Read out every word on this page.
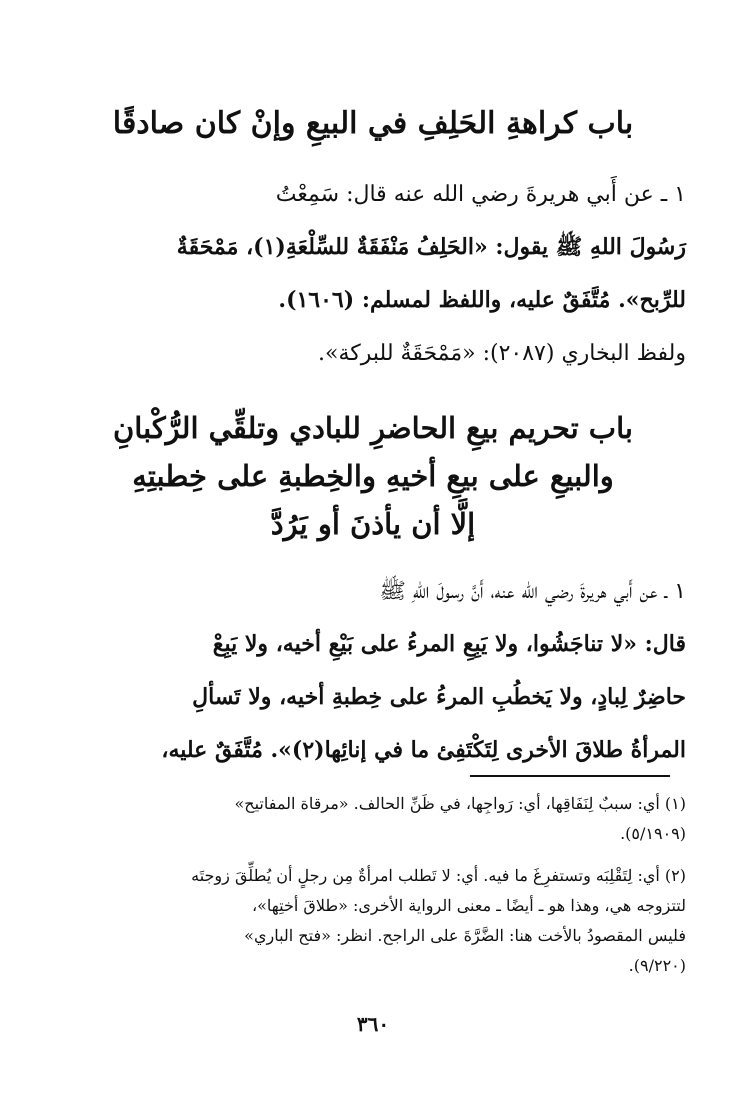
باب كراهةِ الحَلِفِ في البيعِ وإنْ كان صادقًا
١ ـ عن أَبي هريرةَ رضي الله عنه قال: سَمِعْتُ
رَسُولَ اللهِ ﷺ يقول: «الحَلِفُ مَنْفَقَةٌ للسِّلْعَةِ(١)، مَمْحَقَةٌ
للرِّبح». مُتَّفَقٌ عليه، واللفظ لمسلم: (١٦٠٦).
ولفظ البخاري (٢٠٨٧): «مَمْحَقَةٌ للبركة».
باب تحريم بيعِ الحاضرِ للبادي وتلقِّي الرُّكْبانِ
والبيعِ على بيعِ أخيهِ والخِطبةِ على خِطبتِهِ
إلَّا أن يأذنَ أو يَرُدَّ
١ ـ عن أَبي هريرةَ رضي الله عنه، أَنَّ رسولَ اللهِ ﷺ
قال: «لا تناجَشُوا، ولا يَبِعِ المرءُ على بَيْعِ أخيه، ولا يَبِعْ
حاضِرٌ لِبادٍ، ولا يَخطُبِ المرءُ على خِطبةِ أخيه، ولا تَسألِ
المرأةُ طلاقَ الأخرى لِتَكْتَفِئ ما في إنائِها(٢)». مُتَّفَقٌ عليه،
(١) أي: سببٌ لِنَفَاقِها، أي: رَواجِها، في ظَنِّ الحالف. «مرقاة المفاتيح»
(٥/١٩٠٩).
(٢) أي: لِتَقْلِبَه وتستفرِغَ ما فيه. أي: لا تَطلب امرأةٌ مِن رجلٍ أن يُطلِّقَ زوجتَه
لتتزوجه هي، وهذا هو ـ أيضًا ـ معنى الرواية الأخرى: «طلاقَ أختِها»،
فليس المقصودُ بالأخت هنا: الضَّرَّةَ على الراجح. انظر: «فتح الباري»
(٩/٢٢٠).
٣٦٠
